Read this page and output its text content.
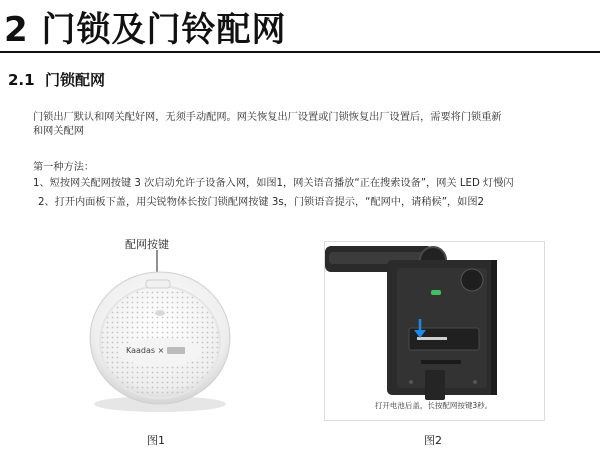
2 门锁及门铃配网
2.1 门锁配网
门锁出厂默认和网关配好网，无须手动配网。网关恢复出厂设置或门锁恢复出厂设置后，需要将门锁重新
和网关配网
第一种方法：
1、短按网关配网按键 3 次启动允许子设备入网，如图1，网关语音播放“正在搜索设备”，网关 LED 灯慢闪
2、打开内面板下盖，用尖锐物体长按门锁配网按键 3s，门锁语音提示，“配网中，请稍候”，如图2
配网按键
Kaadas ×
图1
打开电池后盖，长按配网按键3秒。
图2
